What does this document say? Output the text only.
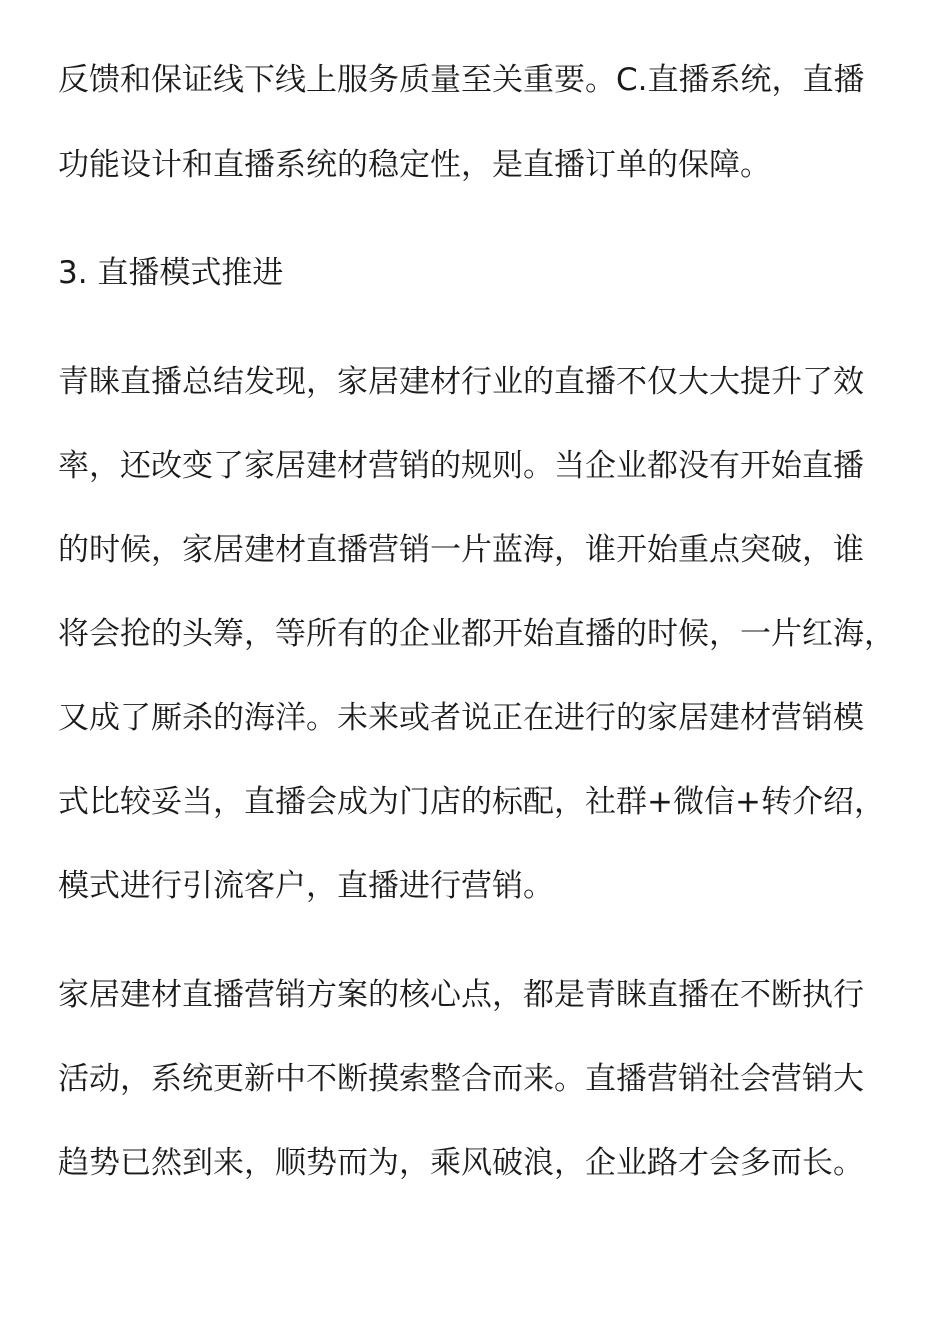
反馈和保证线下线上服务质量至关重要。C.直播系统，直播
功能设计和直播系统的稳定性，是直播订单的保障。
3. 直播模式推进
青睐直播总结发现，家居建材行业的直播不仅大大提升了效
率，还改变了家居建材营销的规则。当企业都没有开始直播
的时候，家居建材直播营销一片蓝海，谁开始重点突破，谁
将会抢的头筹，等所有的企业都开始直播的时候，一片红海，
又成了厮杀的海洋。未来或者说正在进行的家居建材营销模
式比较妥当，直播会成为门店的标配，社群+微信+转介绍，
模式进行引流客户，直播进行营销。
家居建材直播营销方案的核心点，都是青睐直播在不断执行
活动，系统更新中不断摸索整合而来。直播营销社会营销大
趋势已然到来，顺势而为，乘风破浪，企业路才会多而长。
